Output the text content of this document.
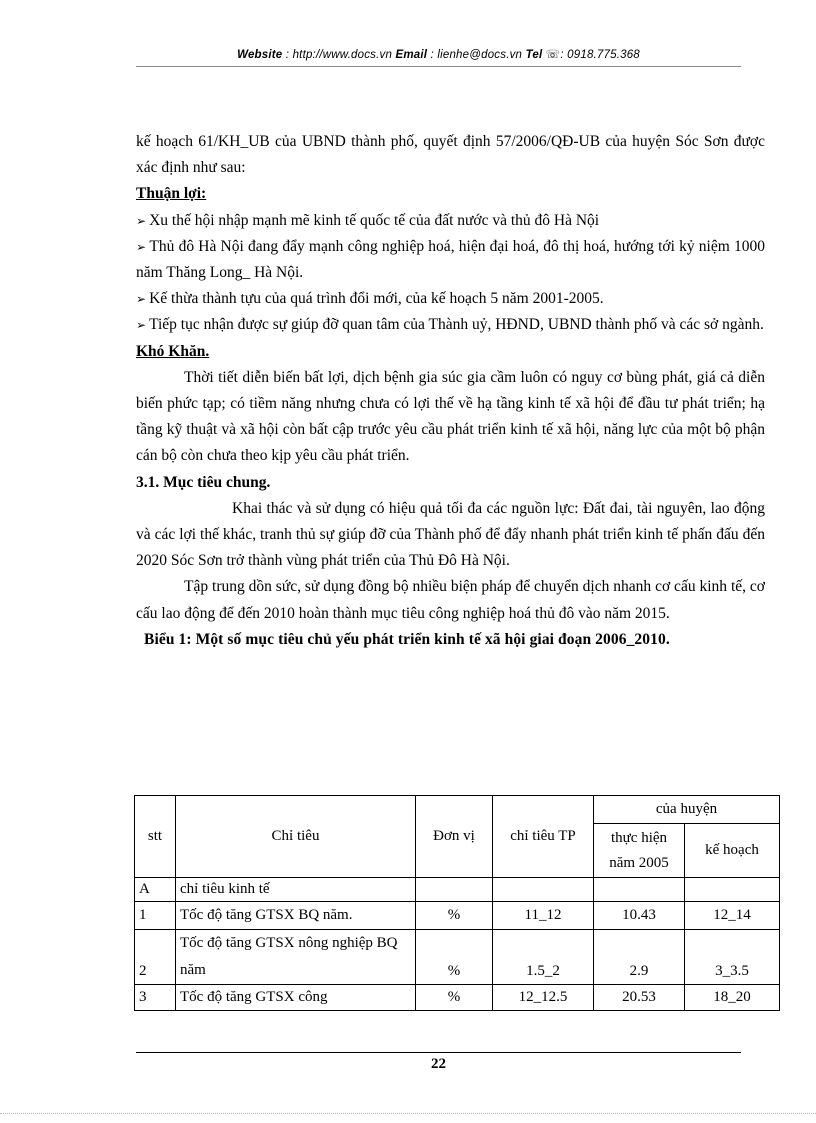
Website : http://www.docs.vn Email : lienhe@docs.vn Tel ☏: 0918.775.368

kế hoạch 61/KH_UB của UBND thành phố, quyết định 57/2006/QĐ-UB của huyện Sóc Sơn được xác định như sau:

Thuận lợi:

➢ Xu thế hội nhập mạnh mẽ kinh tế quốc tế của đất nước và thủ đô Hà Nội

➢ Thủ đô Hà Nội đang đẩy mạnh công nghiệp hoá, hiện đại hoá, đô thị hoá, hướng tới kỷ niệm 1000 năm Thăng Long_ Hà Nội.

➢ Kế thừa thành tựu của quá trình đổi mới, của kế hoạch 5 năm 2001-2005.

➢ Tiếp tục nhận được sự giúp đỡ quan tâm của Thành uỷ, HĐND, UBND thành phố và các sở ngành.

Khó Khăn.

Thời tiết diễn biến bất lợi, dịch bệnh gia súc gia cầm luôn có nguy cơ bùng phát, giá cả diễn biến phức tạp; có tiềm năng nhưng chưa có lợi thế về hạ tầng kinh tế xã hội để đầu tư phát triển; hạ tầng kỹ thuật và xã hội còn bất cập trước yêu cầu phát triển kinh tế xã hội, năng lực của một bộ phận cán bộ còn chưa theo kịp yêu cầu phát triển.

3.1. Mục tiêu chung.

Khai thác và sử dụng có hiệu quả tối đa các nguồn lực: Đất đai, tài nguyên, lao động và các lợi thế khác, tranh thủ sự giúp đỡ của Thành phố để đẩy nhanh phát triển kinh tế phấn đấu đến 2020 Sóc Sơn trở thành vùng phát triển của Thủ Đô Hà Nội.

Tập trung dồn sức, sử dụng đồng bộ nhiều biện pháp để chuyển dịch nhanh cơ cấu kinh tế, cơ cấu lao động để đến 2010 hoàn thành mục tiêu công nghiệp hoá thủ đô vào năm 2015.

Biểu 1: Một số mục tiêu chủ yếu phát triển kinh tế xã hội giai đoạn 2006_2010.

stt	Chỉ tiêu	Đơn vị	chỉ tiêu TP	của huyện	
				thực hiện năm 2005	kế hoạch
A	chỉ tiêu kinh tế				
1	Tốc độ tăng GTSX BQ năm.	%	11_12	10.43	12_14
2	Tốc độ tăng GTSX nông nghiệp BQ năm	%	1.5_2	2.9	3_3.5
3	Tốc độ tăng GTSX công	%	12_12.5	20.53	18_20
22
